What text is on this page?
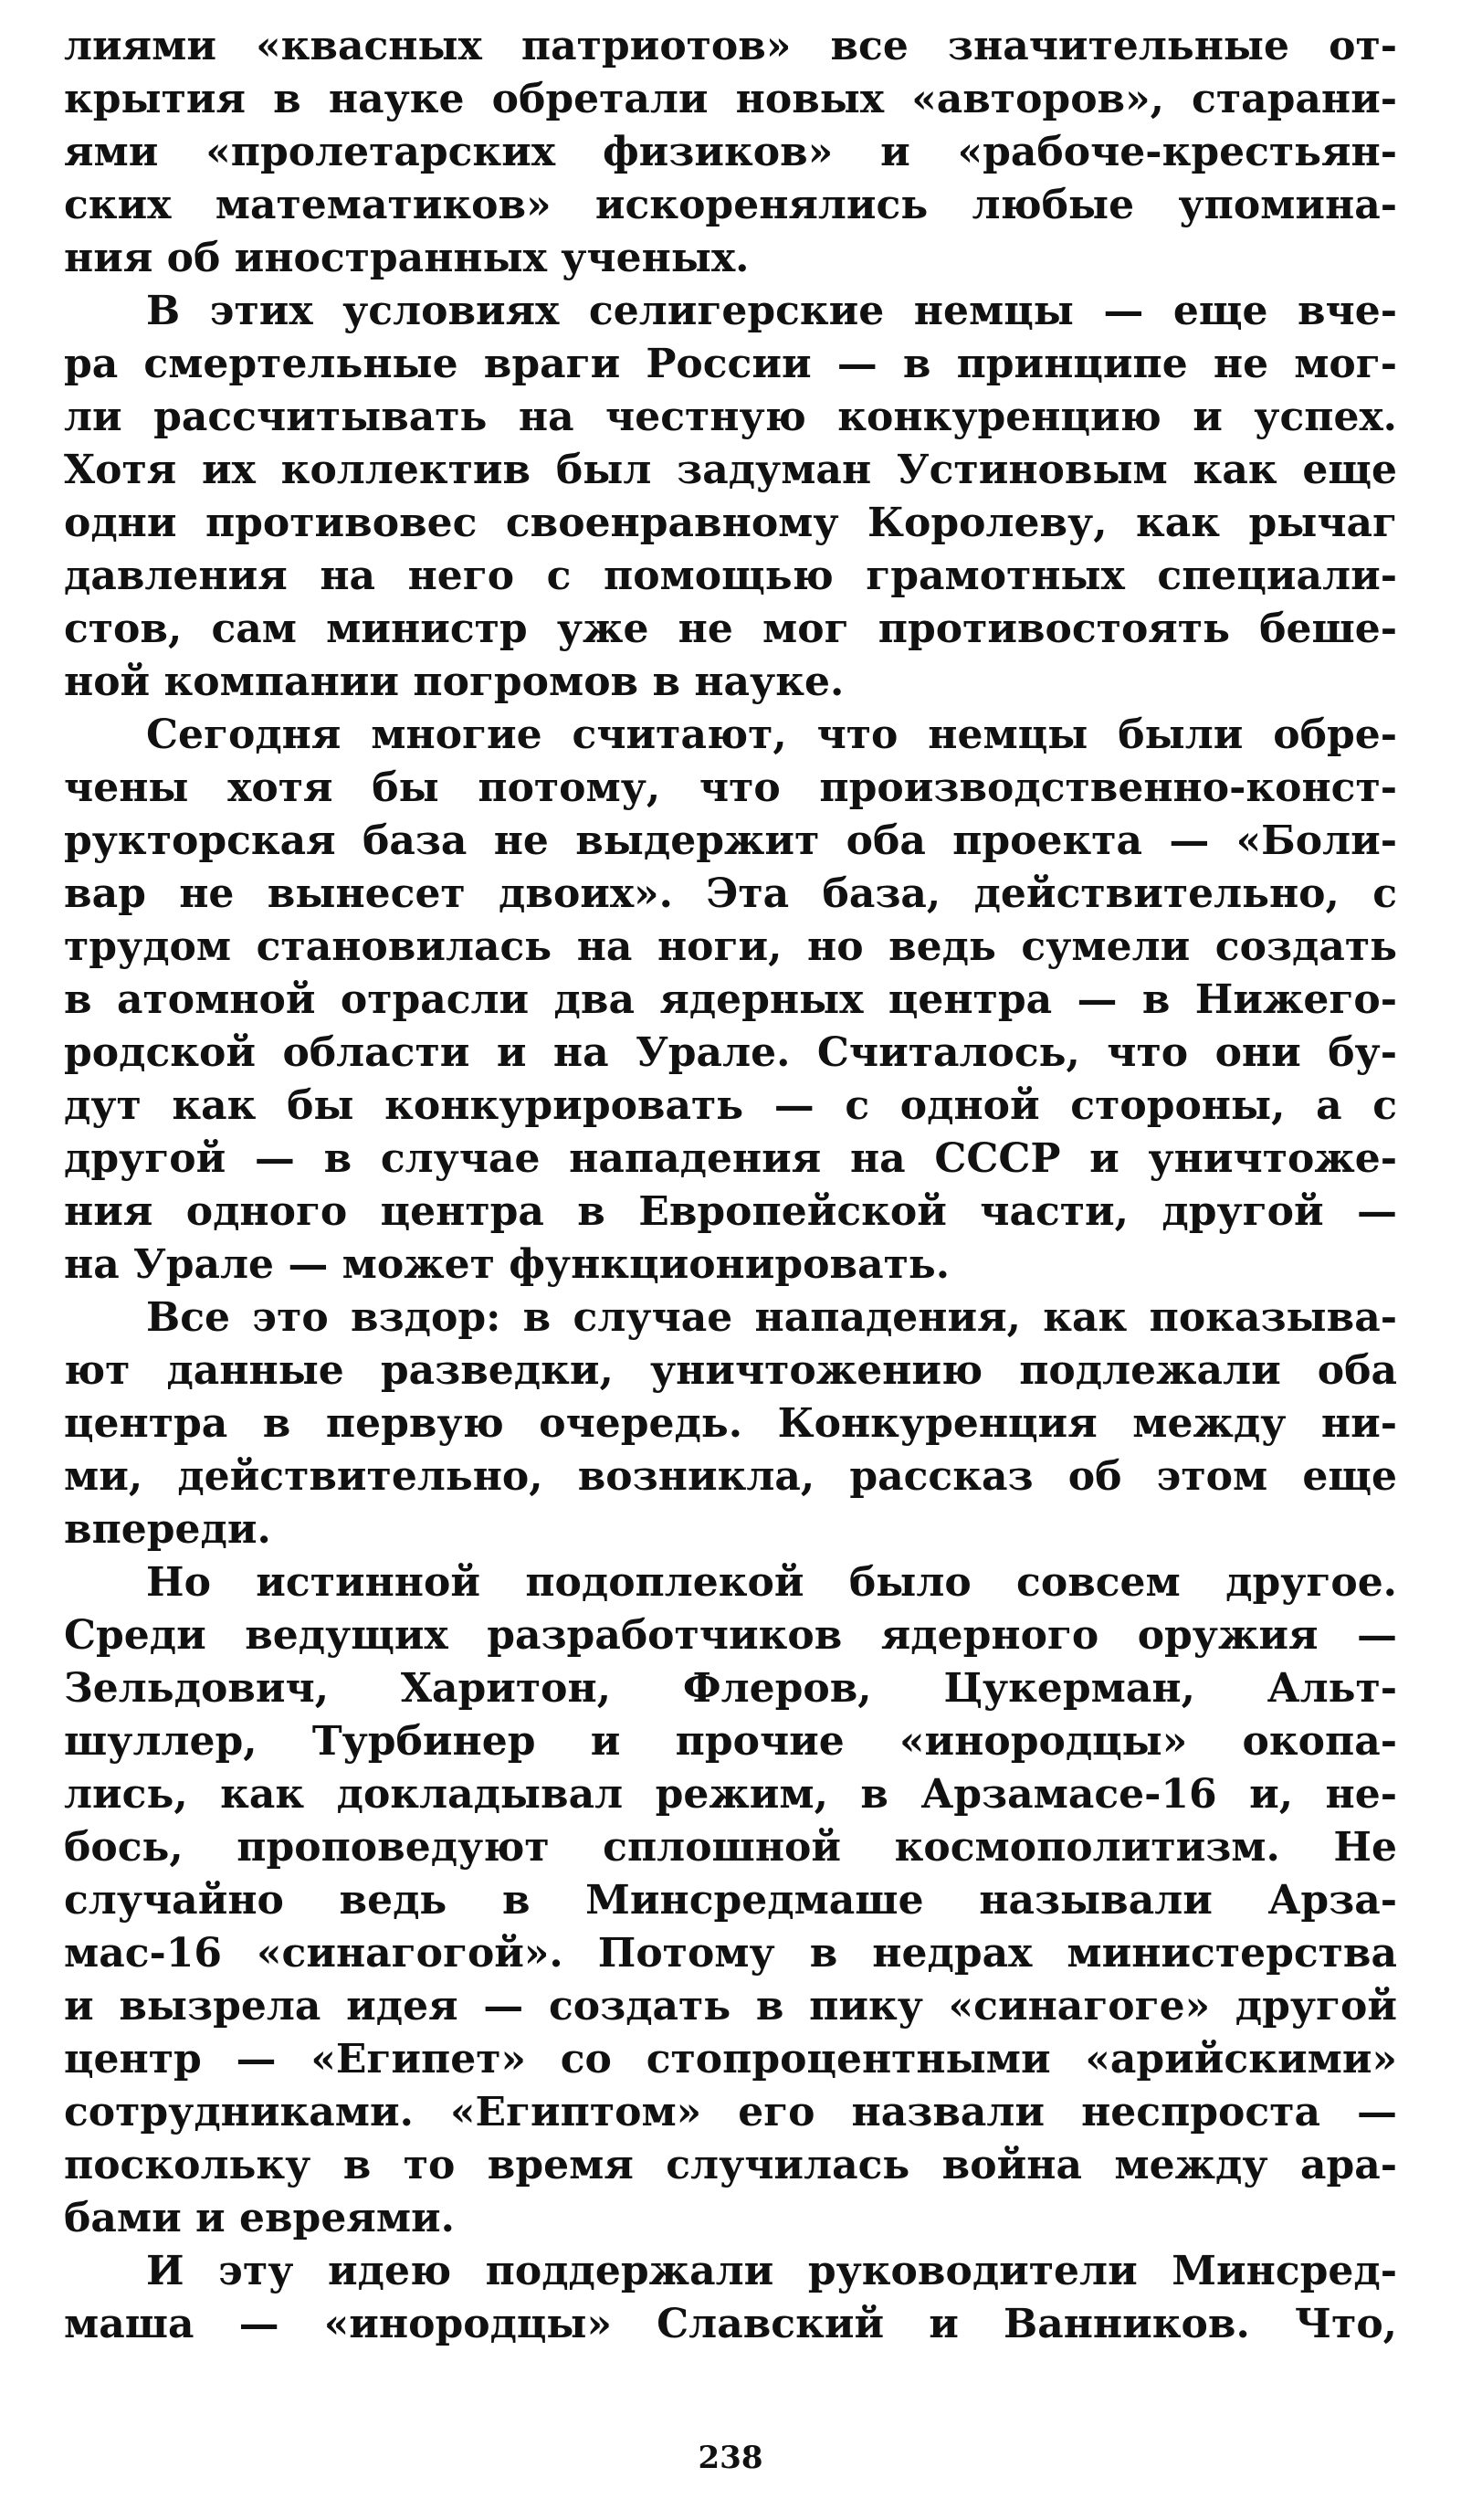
лиями «квасных патриотов» все значительные от-
крытия в науке обретали новых «авторов», старани-
ями «пролетарских физиков» и «рабоче-крестьян-
ских математиков» искоренялись любые упомина-
ния об иностранных ученых.
В этих условиях селигерские немцы — еще вче-
ра смертельные враги России — в принципе не мог-
ли рассчитывать на честную конкуренцию и успех.
Хотя их коллектив был задуман Устиновым как еще
одни противовес своенравному Королеву, как рычаг
давления на него с помощью грамотных специали-
стов, сам министр уже не мог противостоять беше-
ной компании погромов в науке.
Сегодня многие считают, что немцы были обре-
чены хотя бы потому, что производственно-конст-
рукторская база не выдержит оба проекта — «Боли-
вар не вынесет двоих». Эта база, действительно, с
трудом становилась на ноги, но ведь сумели создать
в атомной отрасли два ядерных центра — в Нижего-
родской области и на Урале. Считалось, что они бу-
дут как бы конкурировать — с одной стороны, а с
другой — в случае нападения на СССР и уничтоже-
ния одного центра в Европейской части, другой —
на Урале — может функционировать.
Все это вздор: в случае нападения, как показыва-
ют данные разведки, уничтожению подлежали оба
центра в первую очередь. Конкуренция между ни-
ми, действительно, возникла, рассказ об этом еще
впереди.
Но истинной подоплекой было совсем другое.
Среди ведущих разработчиков ядерного оружия —
Зельдович, Харитон, Флеров, Цукерман, Альт-
шуллер, Турбинер и прочие «инородцы» окопа-
лись, как докладывал режим, в Арзамасе-16 и, не-
бось, проповедуют сплошной космополитизм. Не
случайно ведь в Минсредмаше называли Арза-
мас-16 «синагогой». Потому в недрах министерства
и вызрела идея — создать в пику «синагоге» другой
центр — «Египет» со стопроцентными «арийскими»
сотрудниками. «Египтом» его назвали неспроста —
поскольку в то время случилась война между ара-
бами и евреями.
И эту идею поддержали руководители Минсред-
маша — «инородцы» Славский и Ванников. Что,
238
